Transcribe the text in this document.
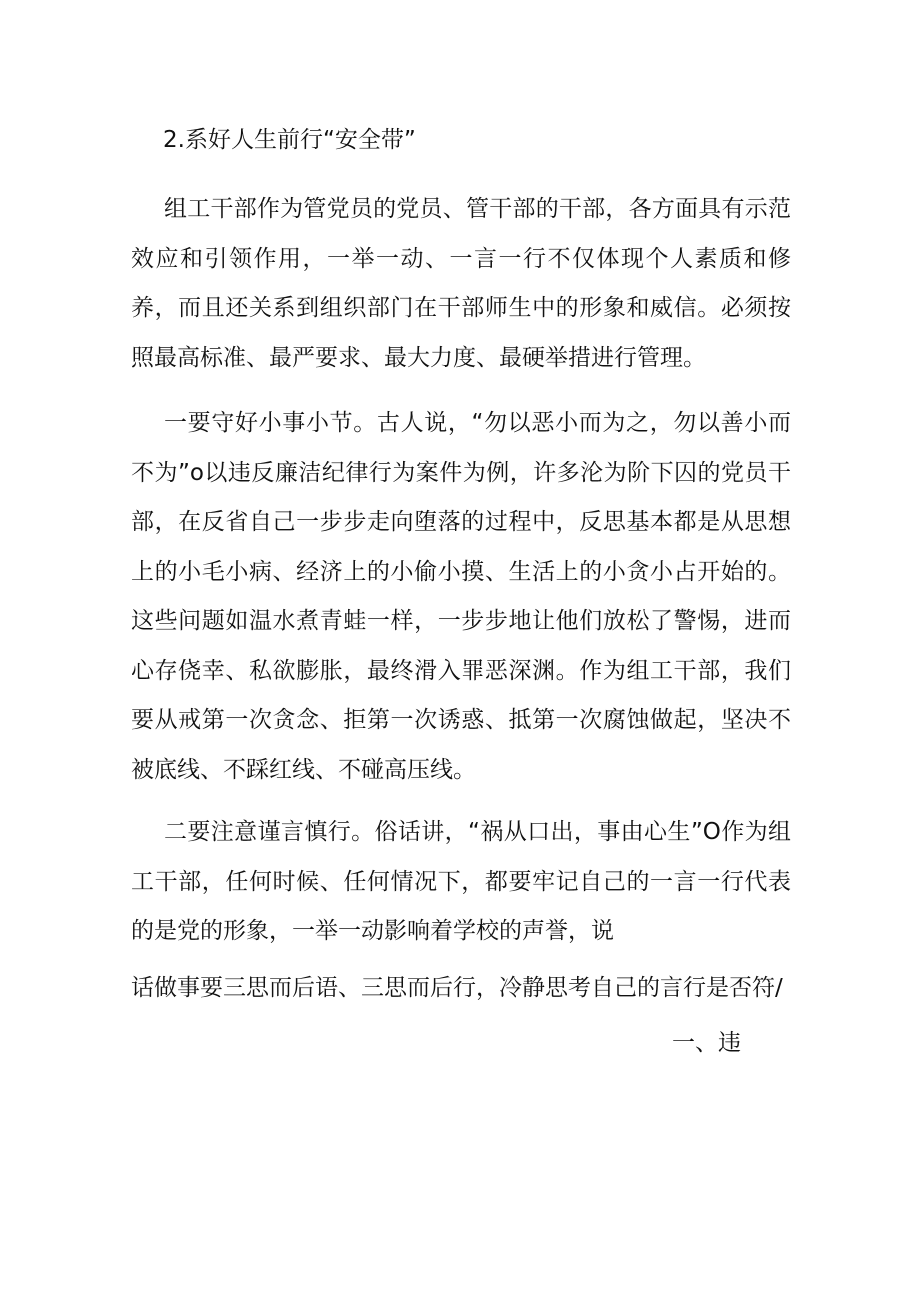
2.系好人生前行“安全带”

组工干部作为管党员的党员、管干部的干部，各方面具有示范效应和引领作用，一举一动、一言一行不仅体现个人素质和修养，而且还关系到组织部门在干部师生中的形象和威信。必须按照最高标准、最严要求、最大力度、最硬举措进行管理。

一要守好小事小节。古人说，“勿以恶小而为之，勿以善小而不为”o以违反廉洁纪律行为案件为例，许多沦为阶下囚的党员干部，在反省自己一步步走向堕落的过程中，反思基本都是从思想上的小毛小病、经济上的小偷小摸、生活上的小贪小占开始的。这些问题如温水煮青蛙一样，一步步地让他们放松了警惕，进而心存侥幸、私欲膨胀，最终滑入罪恶深渊。作为组工干部，我们要从戒第一次贪念、拒第一次诱惑、抵第一次腐蚀做起，坚决不被底线、不踩红线、不碰高压线。

二要注意谨言慎行。俗话讲，“祸从口出，事由心生”O作为组工干部，任何时候、任何情况下，都要牢记自己的一言一行代表的是党的形象，一举一动影响着学校的声誉，说

话做事要三思而后语、三思而后行，冷静思考自己的言行是否符/

一、违
